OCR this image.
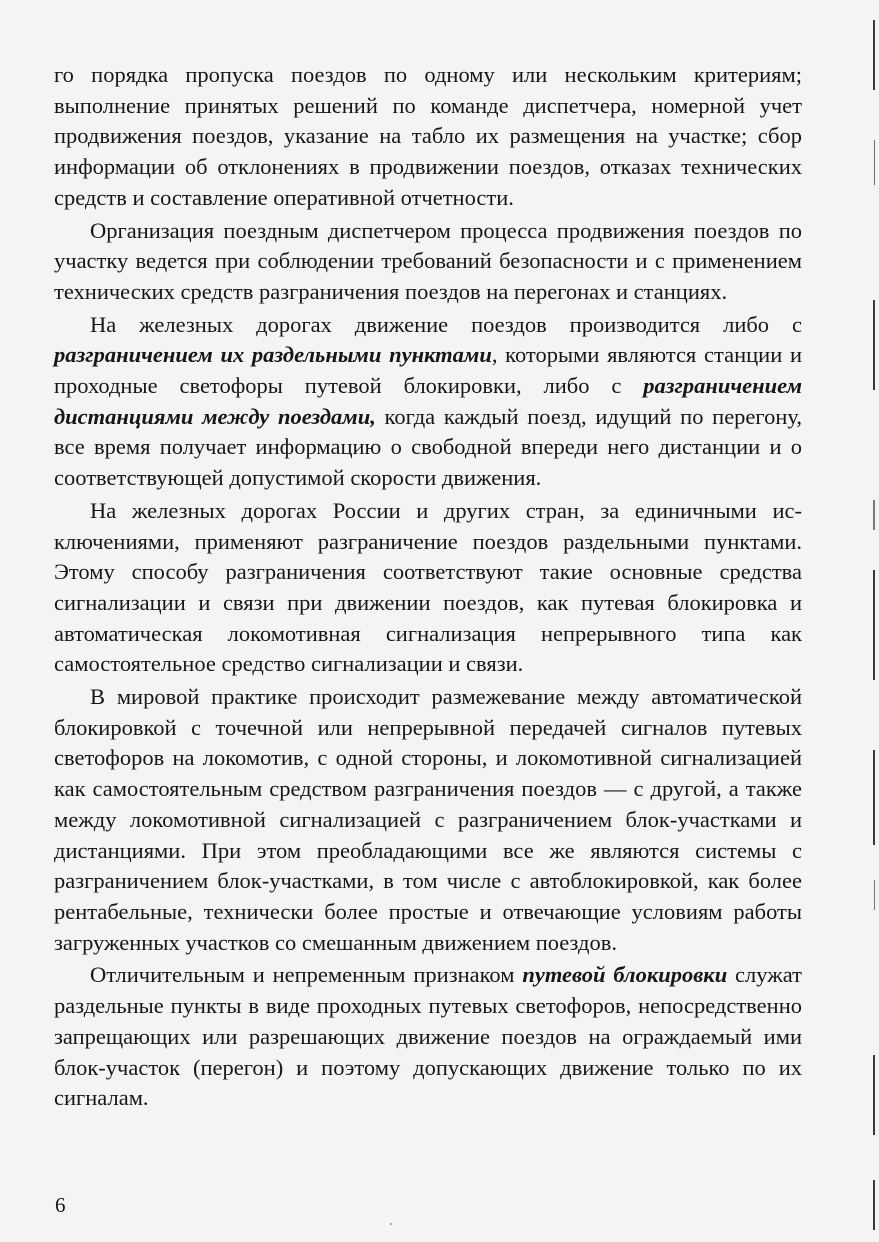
го порядка пропуска поездов по одному или нескольким критериям; выполнение принятых решений по команде диспетчера, номерной учет продвижения поездов, указание на табло их размещения на участке; сбор информации об отклонениях в продвижении поездов, отказах технических средств и составление оперативной отчетности.

Организация поездным диспетчером процесса продвижения поездов по участку ведется при соблюдении требований безопасности и с применением технических средств разграничения поездов на перегонах и станциях.

На железных дорогах движение поездов производится либо с разграничением их раздельными пунктами, которыми являются станции и проходные светофоры путевой блокировки, либо с разграничением дистанциями между поездами, когда каждый поезд, идущий по перегону, все время получает информацию о свободной впереди него дистанции и о соответствующей допустимой скорости движения.

На железных дорогах России и других стран, за единичными исключениями, применяют разграничение поездов раздельными пунктами. Этому способу разграничения соответствуют такие основные средства сигнализации и связи при движении поездов, как путевая блокировка и автоматическая локомотивная сигнализация непрерывного типа как самостоятельное средство сигнализации и связи.

В мировой практике происходит размежевание между автоматической блокировкой с точечной или непрерывной передачей сигналов путевых светофоров на локомотив, с одной стороны, и локомотивной сигнализацией как самостоятельным средством разграничения поездов — с другой, а также между локомотивной сигнализацией с разграничением блок-участками и дистанциями. При этом преобладающими все же являются системы с разграничением блок-участками, в том числе с автоблокировкой, как более рентабельные, технически более простые и отвечающие условиям работы загруженных участков со смешанным движением поездов.

Отличительным и непременным признаком путевой блокировки служат раздельные пункты в виде проходных путевых светофоров, непосредственно запрещающих или разрешающих движение поездов на ограждаемый ими блок-участок (перегон) и поэтому допускающих движение только по их сигналам.

6
